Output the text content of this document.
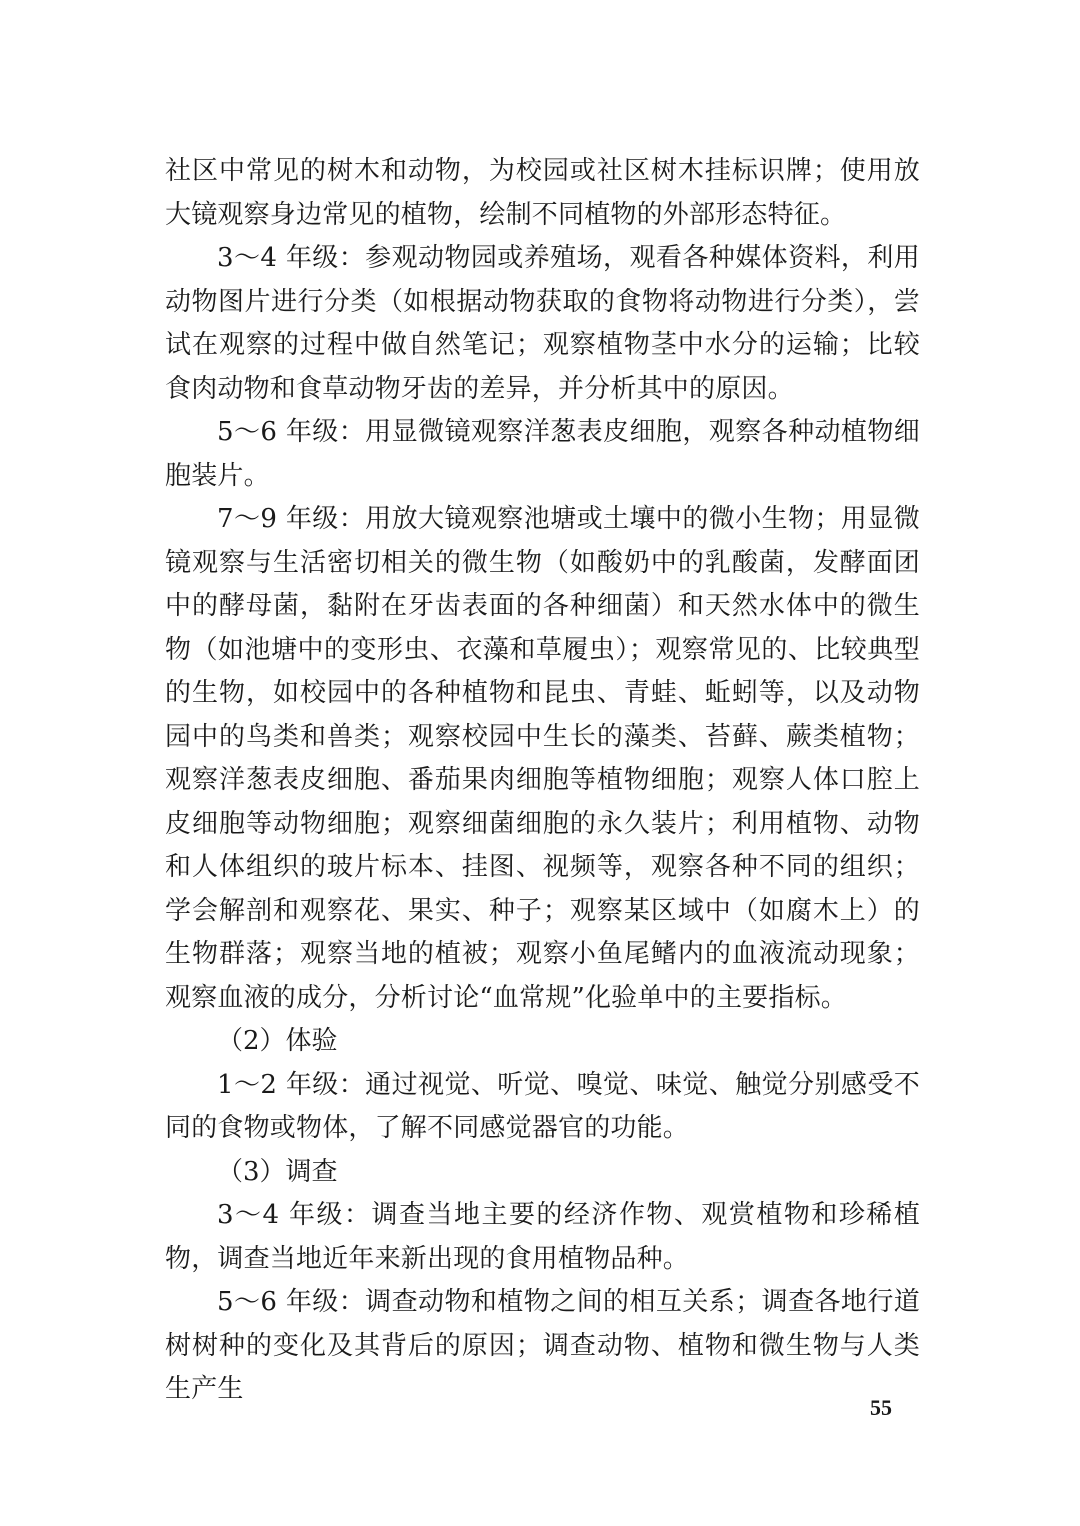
社区中常见的树木和动物，为校园或社区树木挂标识牌；使用放大镜观察身边常见的植物，绘制不同植物的外部形态特征。

3～4 年级：参观动物园或养殖场，观看各种媒体资料，利用动物图片进行分类（如根据动物获取的食物将动物进行分类），尝试在观察的过程中做自然笔记；观察植物茎中水分的运输；比较食肉动物和食草动物牙齿的差异，并分析其中的原因。

5～6 年级：用显微镜观察洋葱表皮细胞，观察各种动植物细胞装片。

7～9 年级：用放大镜观察池塘或土壤中的微小生物；用显微镜观察与生活密切相关的微生物（如酸奶中的乳酸菌，发酵面团中的酵母菌，黏附在牙齿表面的各种细菌）和天然水体中的微生物（如池塘中的变形虫、衣藻和草履虫）；观察常见的、比较典型的生物，如校园中的各种植物和昆虫、青蛙、蚯蚓等，以及动物园中的鸟类和兽类；观察校园中生长的藻类、苔藓、蕨类植物；观察洋葱表皮细胞、番茄果肉细胞等植物细胞；观察人体口腔上皮细胞等动物细胞；观察细菌细胞的永久装片；利用植物、动物和人体组织的玻片标本、挂图、视频等，观察各种不同的组织；学会解剖和观察花、果实、种子；观察某区域中（如腐木上）的生物群落；观察当地的植被；观察小鱼尾鳍内的血液流动现象；观察血液的成分，分析讨论“血常规”化验单中的主要指标。

（2）体验

1～2 年级：通过视觉、听觉、嗅觉、味觉、触觉分别感受不同的食物或物体，了解不同感觉器官的功能。

（3）调查

3～4 年级：调查当地主要的经济作物、观赏植物和珍稀植物，调查当地近年来新出现的食用植物品种。

5～6 年级：调查动物和植物之间的相互关系；调查各地行道树树种的变化及其背后的原因；调查动物、植物和微生物与人类生产生

55
